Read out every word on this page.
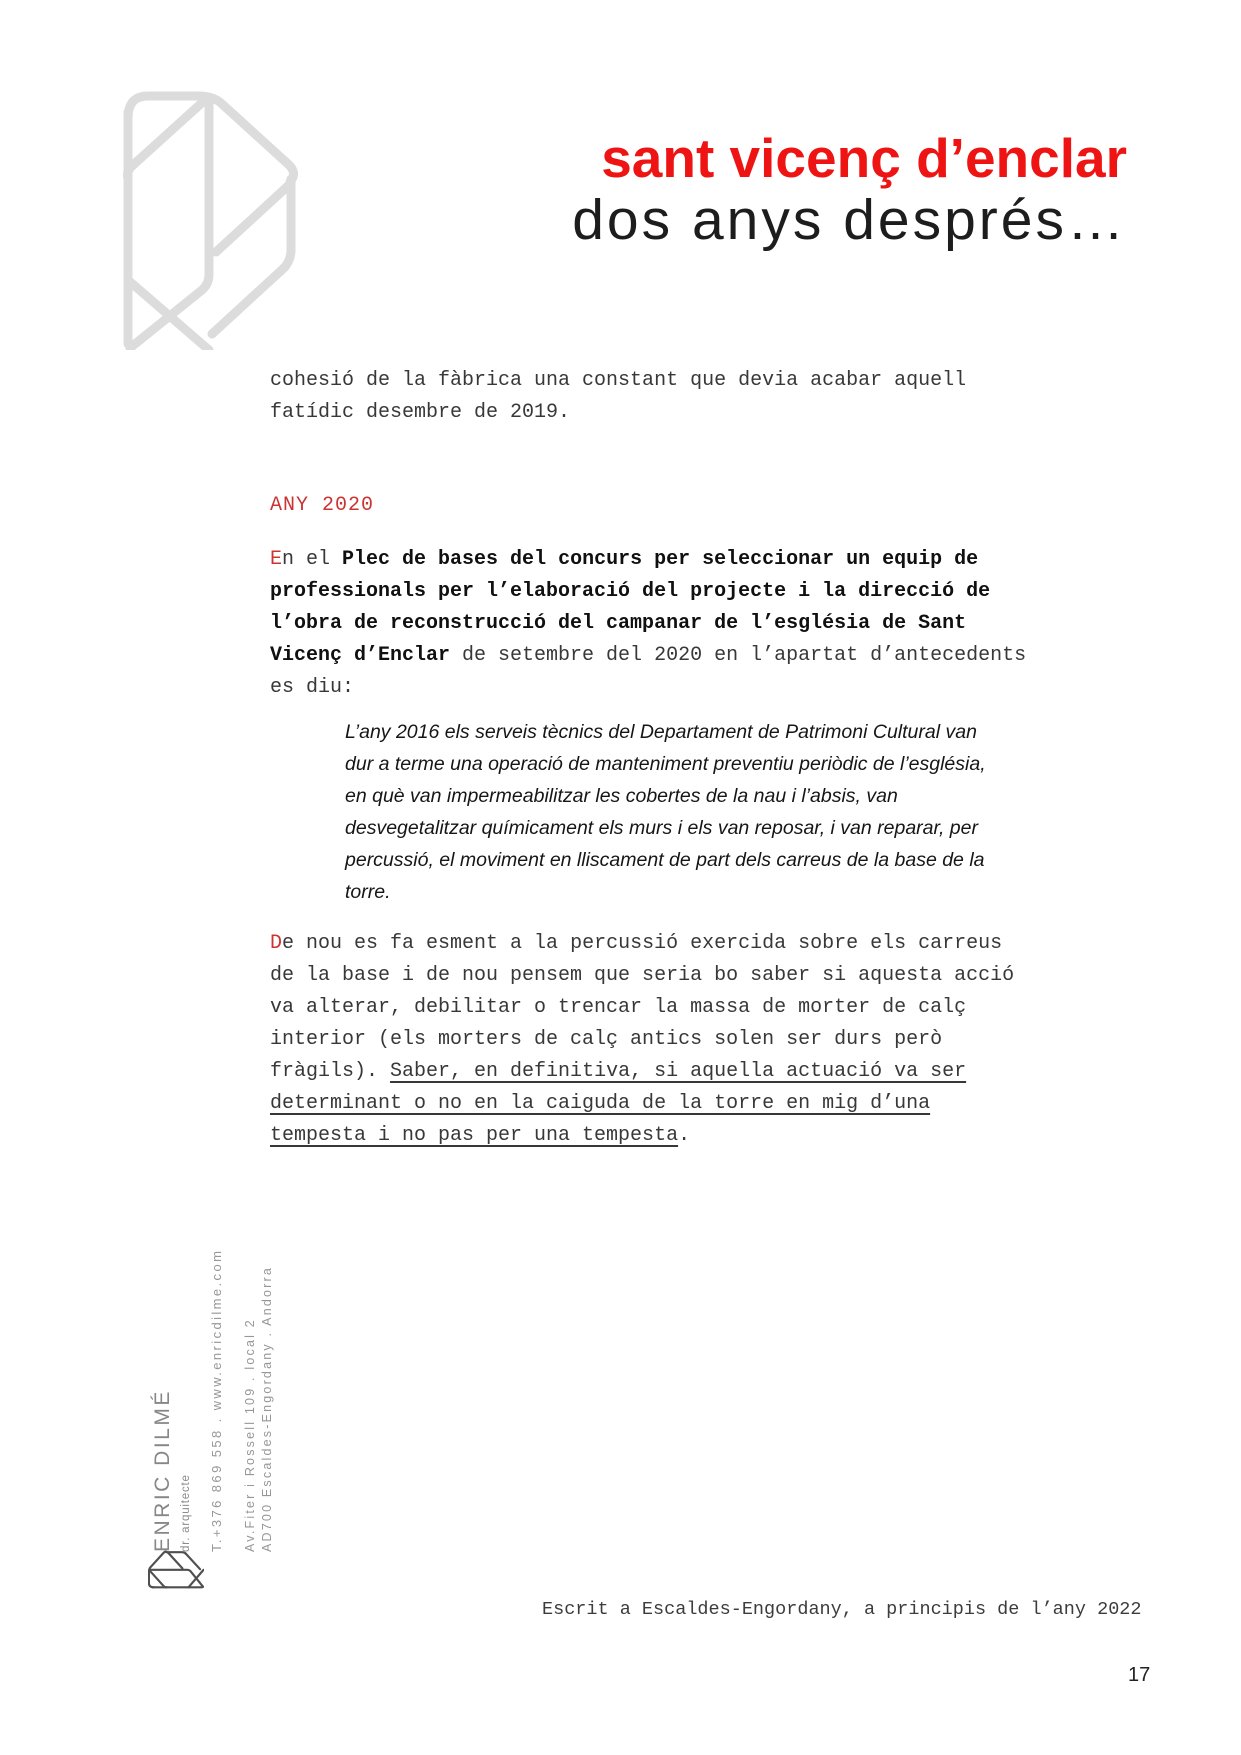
sant vicenç d’enclar
dos anys després…
cohesió de la fàbrica una constant que devia acabar aquell
fatídic desembre de 2019.
ANY 2020
En el Plec de bases del concurs per seleccionar un equip de
professionals per l’elaboració del projecte i la direcció de
l’obra de reconstrucció del campanar de l’església de Sant
Vicenç d’Enclar de setembre del 2020 en l’apartat d’antecedents
es diu:
L’any 2016 els serveis tècnics del Departament de Patrimoni Cultural van
dur a terme una operació de manteniment preventiu periòdic de l’església,
en què van impermeabilitzar les cobertes de la nau i l’absis, van
desvegetalitzar químicament els murs i els van reposar, i van reparar, per
percussió, el moviment en lliscament de part dels carreus de la base de la
torre.
De nou es fa esment a la percussió exercida sobre els carreus
de la base i de nou pensem que seria bo saber si aquesta acció
va alterar, debilitar o trencar la massa de morter de calç
interior (els morters de calç antics solen ser durs però
fràgils). Saber, en definitiva, si aquella actuació va ser
determinant o no en la caiguda de la torre en mig d’una
tempesta i no pas per una tempesta.
ENRIC DILMÉ dr. arquitecte T.+376 869 558 . www.enricdilme.com Av.Fiter i Rossell 109 . local 2 AD700 Escaldes-Engordany . Andorra
Escrit a Escaldes-Engordany, a principis de l’any 2022
17
